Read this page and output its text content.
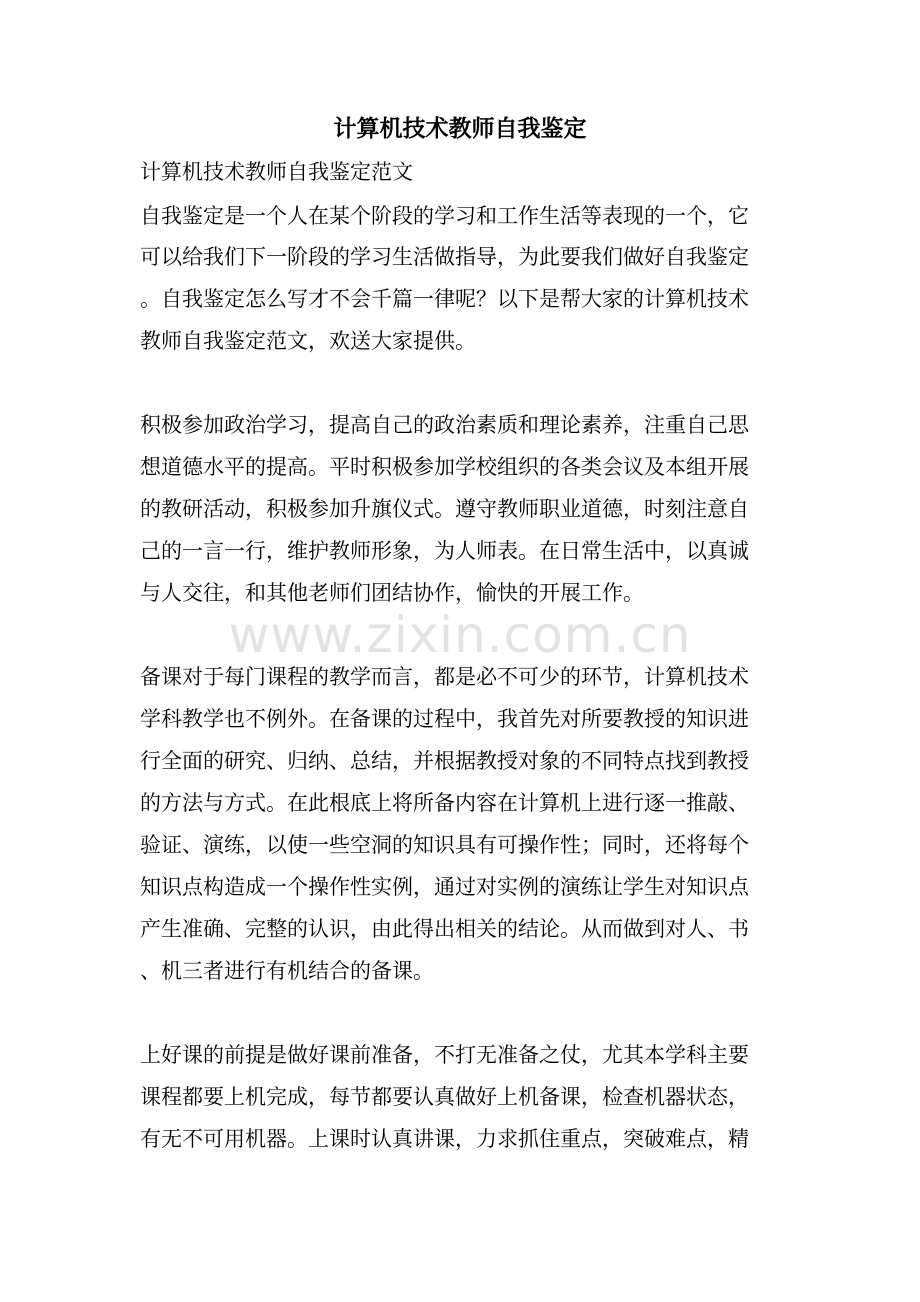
计算机技术教师自我鉴定
计算机技术教师自我鉴定范文
自我鉴定是一个人在某个阶段的学习和工作生活等表现的一个，它
可以给我们下一阶段的学习生活做指导，为此要我们做好自我鉴定
。自我鉴定怎么写才不会千篇一律呢？以下是帮大家的计算机技术
教师自我鉴定范文，欢送大家提供。
积极参加政治学习，提高自己的政治素质和理论素养，注重自己思
想道德水平的提高。平时积极参加学校组织的各类会议及本组开展
的教研活动，积极参加升旗仪式。遵守教师职业道德，时刻注意自
己的一言一行，维护教师形象，为人师表。在日常生活中，以真诚
与人交往，和其他老师们团结协作，愉快的开展工作。
www.zixin.com.cn
备课对于每门课程的教学而言，都是必不可少的环节，计算机技术
学科教学也不例外。在备课的过程中，我首先对所要教授的知识进
行全面的研究、归纳、总结，并根据教授对象的不同特点找到教授
的方法与方式。在此根底上将所备内容在计算机上进行逐一推敲、
验证、演练，以使一些空洞的知识具有可操作性；同时，还将每个
知识点构造成一个操作性实例，通过对实例的演练让学生对知识点
产生准确、完整的认识，由此得出相关的结论。从而做到对人、书
、机三者进行有机结合的备课。
上好课的前提是做好课前准备，不打无准备之仗，尤其本学科主要
课程都要上机完成，每节都要认真做好上机备课，检查机器状态，
有无不可用机器。上课时认真讲课，力求抓住重点，突破难点，精
